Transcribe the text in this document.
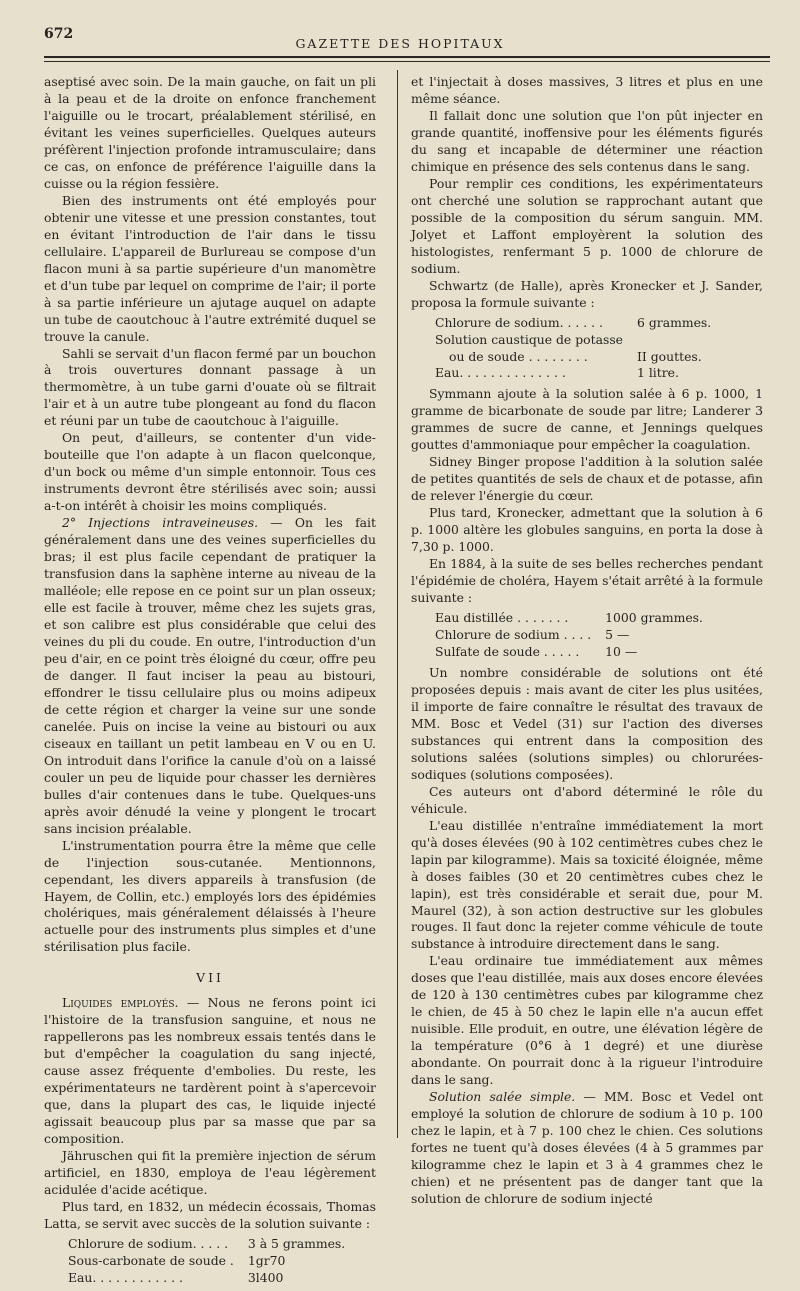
672
GAZETTE DES HOPITAUX

aseptisé avec soin. De la main gauche, on fait un pli à la peau et de la droite on enfonce franchement l'aiguille ou le trocart, préalablement stérilisé, en évitant les veines superficielles. Quelques auteurs préfèrent l'injection profonde intramusculaire; dans ce cas, on enfonce de préférence l'aiguille dans la cuisse ou la région fessière.

Bien des instruments ont été employés pour obtenir une vitesse et une pression constantes, tout en évitant l'introduction de l'air dans le tissu cellulaire. L'appareil de Burlureau se compose d'un flacon muni à sa partie supérieure d'un manomètre et d'un tube par lequel on comprime de l'air; il porte à sa partie inférieure un ajutage auquel on adapte un tube de caoutchouc à l'autre extrémité duquel se trouve la canule.

Sahli se servait d'un flacon fermé par un bouchon à trois ouvertures donnant passage à un thermomètre, à un tube garni d'ouate où se filtrait l'air et à un autre tube plongeant au fond du flacon et réuni par un tube de caoutchouc à l'aiguille.

On peut, d'ailleurs, se contenter d'un vide-bouteille que l'on adapte à un flacon quelconque, d'un bock ou même d'un simple entonnoir. Tous ces instruments devront être stérilisés avec soin; aussi a-t-on intérêt à choisir les moins compliqués.

2° Injections intraveineuses. — On les fait généralement dans une des veines superficielles du bras; il est plus facile cependant de pratiquer la transfusion dans la saphène interne au niveau de la malléole; elle repose en ce point sur un plan osseux; elle est facile à trouver, même chez les sujets gras, et son calibre est plus considérable que celui des veines du pli du coude. En outre, l'introduction d'un peu d'air, en ce point très éloigné du cœur, offre peu de danger. Il faut inciser la peau au bistouri, effondrer le tissu cellulaire plus ou moins adipeux de cette région et charger la veine sur une sonde canelée. Puis on incise la veine au bistouri ou aux ciseaux en taillant un petit lambeau en V ou en U. On introduit dans l'orifice la canule d'où on a laissé couler un peu de liquide pour chasser les dernières bulles d'air contenues dans le tube. Quelques-uns après avoir dénudé la veine y plongent le trocart sans incision préalable.

L'instrumentation pourra être la même que celle de l'injection sous-cutanée. Mentionnons, cependant, les divers appareils à transfusion (de Hayem, de Collin, etc.) employés lors des épidémies cholériques, mais généralement délaissés à l'heure actuelle pour des instruments plus simples et d'une stérilisation plus facile.

VII

Liquides employés. — Nous ne ferons point ici l'histoire de la transfusion sanguine, et nous ne rappellerons pas les nombreux essais tentés dans le but d'empêcher la coagulation du sang injecté, cause assez fréquente d'embolies. Du reste, les expérimentateurs ne tardèrent point à s'apercevoir que, dans la plupart des cas, le liquide injecté agissait beaucoup plus par sa masse que par sa composition.

Jähruschen qui fit la première injection de sérum artificiel, en 1830, employa de l'eau légèrement acidulée d'acide acétique.

Plus tard, en 1832, un médecin écossais, Thomas Latta, se servit avec succès de la solution suivante :

Chlorure de sodium. . . . .	3 à 5 grammes.
Sous-carbonate de soude .	1gr70
Eau. . . . . . . . . . . .	3l400

et l'injectait à doses massives, 3 litres et plus en une même séance.

Il fallait donc une solution que l'on pût injecter en grande quantité, inoffensive pour les éléments figurés du sang et incapable de déterminer une réaction chimique en présence des sels contenus dans le sang.

Pour remplir ces conditions, les expérimentateurs ont cherché une solution se rapprochant autant que possible de la composition du sérum sanguin. MM. Jolyet et Laffont employèrent la solution des histologistes, renfermant 5 p. 1000 de chlorure de sodium.

Schwartz (de Halle), après Kronecker et J. Sander, proposa la formule suivante :

Chlorure de sodium. . . . . .	6 grammes.
Solution caustique de potasse	
ou de soude . . . . . . . .	II gouttes.
Eau. . . . . . . . . . . . . .	1 litre.

Symmann ajoute à la solution salée à 6 p. 1000, 1 gramme de bicarbonate de soude par litre; Landerer 3 grammes de sucre de canne, et Jennings quelques gouttes d'ammoniaque pour empêcher la coagulation.

Sidney Binger propose l'addition à la solution salée de petites quantités de sels de chaux et de potasse, afin de relever l'énergie du cœur.

Plus tard, Kronecker, admettant que la solution à 6 p. 1000 altère les globules sanguins, en porta la dose à 7,30 p. 1000.

En 1884, à la suite de ses belles recherches pendant l'épidémie de choléra, Hayem s'était arrêté à la formule suivante :

Eau distillée . . . . . . .	1000 grammes.
Chlorure de sodium . . . .	5 —
Sulfate de soude . . . . .	10 —

Un nombre considérable de solutions ont été proposées depuis : mais avant de citer les plus usitées, il importe de faire connaître le résultat des travaux de MM. Bosc et Vedel (31) sur l'action des diverses substances qui entrent dans la composition des solutions salées (solutions simples) ou chlorurées-sodiques (solutions composées).

Ces auteurs ont d'abord déterminé le rôle du véhicule.

L'eau distillée n'entraîne immédiatement la mort qu'à doses élevées (90 à 102 centimètres cubes chez le lapin par kilogramme). Mais sa toxicité éloignée, même à doses faibles (30 et 20 centimètres cubes chez le lapin), est très considérable et serait due, pour M. Maurel (32), à son action destructive sur les globules rouges. Il faut donc la rejeter comme véhicule de toute substance à introduire directement dans le sang.

L'eau ordinaire tue immédiatement aux mêmes doses que l'eau distillée, mais aux doses encore élevées de 120 à 130 centimètres cubes par kilogramme chez le chien, de 45 à 50 chez le lapin elle n'a aucun effet nuisible. Elle produit, en outre, une élévation légère de la température (0°6 à 1 degré) et une diurèse abondante. On pourrait donc à la rigueur l'introduire dans le sang.

Solution salée simple. — MM. Bosc et Vedel ont employé la solution de chlorure de sodium à 10 p. 100 chez le lapin, et à 7 p. 100 chez le chien. Ces solutions fortes ne tuent qu'à doses élevées (4 à 5 grammes par kilogramme chez le lapin et 3 à 4 grammes chez le chien) et ne présentent pas de danger tant que la solution de chlorure de sodium injecté
